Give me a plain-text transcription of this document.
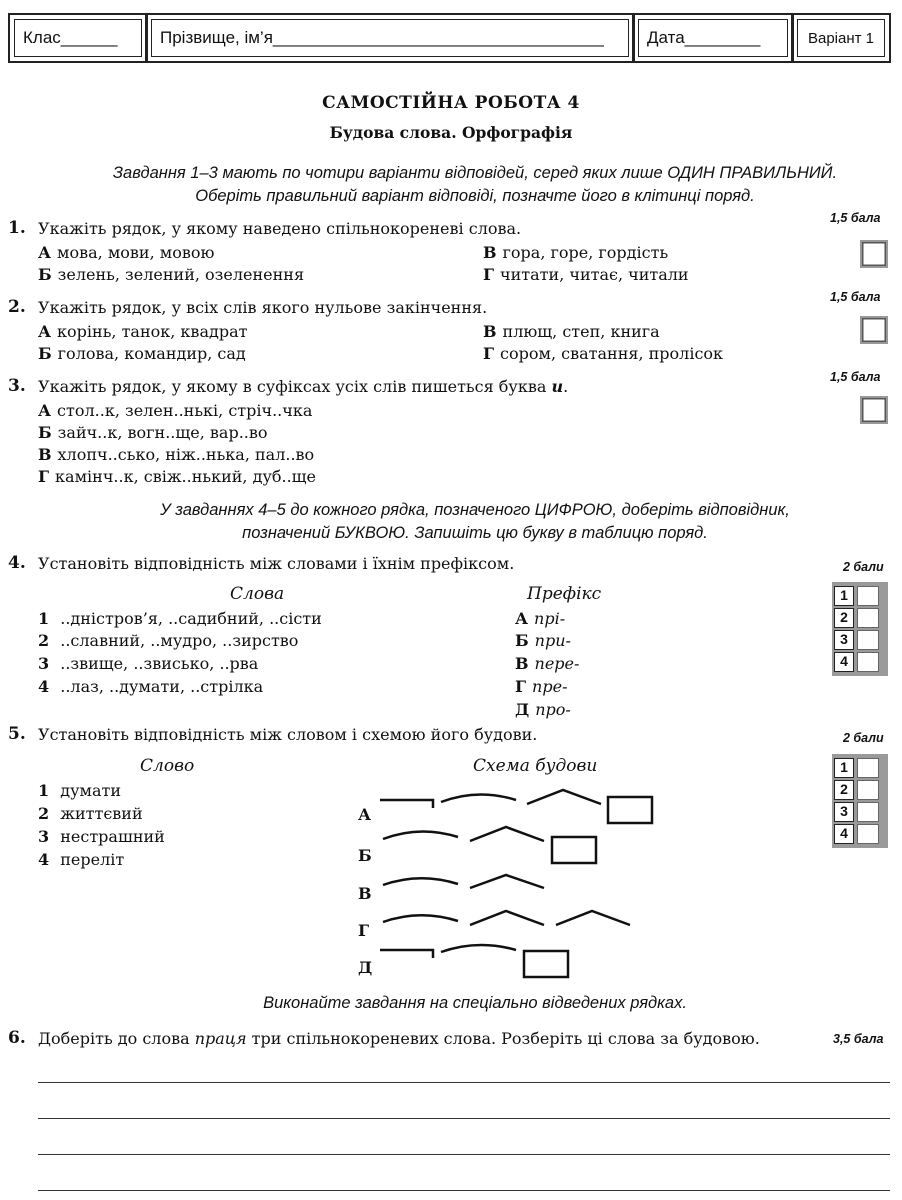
Клас______ Прізвище, ім’я___________________________________	Дата________	Варіант 1
САМОСТІЙНА РОБОТА 4
Будова слова. Орфографія
Завдання 1–3 мають по чотири варіанти відповідей, серед яких лише ОДИН ПРАВИЛЬНИЙ.
Оберіть правильний варіант відповіді, позначте його в клітинці поряд.
1. Укажіть рядок, у якому наведено спільнокореневі слова.
1,5 бала
А мова, мови, мовою
Б зелень, зелений, озеленення
В гора, горе, гордість
Г читати, читає, читали
2. Укажіть рядок, у всіх слів якого нульове закінчення.
1,5 бала
А корінь, танок, квадрат
Б голова, командир, сад
В плющ, степ, книга
Г сором, сватання, пролісок
3. Укажіть рядок, у якому в суфіксах усіх слів пишеться буква и.	1,5 бала
А стол..к, зелен..нькі, стріч..чка
Б зайч..к, вогн..ще, вар..во
В хлопч..сько, ніж..нька, пал..во
Г камінч..к, свіж..нький, дуб..ще
У завданнях 4–5 до кожного рядка, позначеного ЦИФРОЮ, доберіть відповідник,
позначений БУКВОЮ. Запишіть цю букву в таблицю поряд.
4. Установіть відповідність між словами і їхнім префіксом.	2 бали
Слова	Префікс
1 ..дністров’я, ..садибний, ..сісти
2 ..славний, ..мудро, ..зирство
3 ..звище, ..звисько, ..рва
4 ..лаз, ..думати, ..стрілка
А прі-
Б при-
В пере-
Г пре-
Д про-
1
2
3
4
5. Установіть відповідність між словом і схемою його будови.	2 бали
Слово	Схема будови
1 думати
2 життєвий
3 нестрашний
4 переліт
А
Б
В
Г
Д
1
2
3
4
Виконайте завдання на спеціально відведених рядках.
6. Доберіть до слова праця три спільнокореневих слова. Розберіть ці слова за будовою.	3,5 бала
